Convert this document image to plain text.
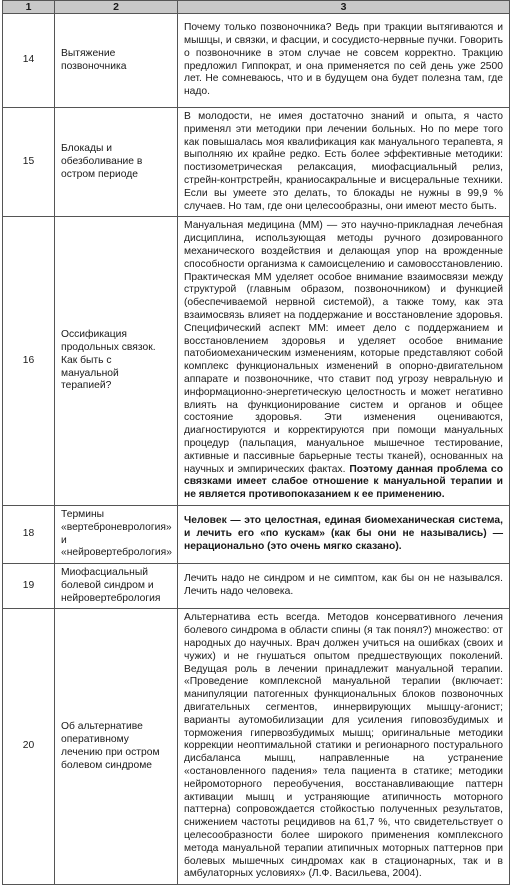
1	2	3
14	Вытяжение позвоночника	Почему только позвоночника? Ведь при тракции вытягиваются и мышцы, и связки, и фасции, и сосудисто-нервные пучки. Говорить о позвоночнике в этом случае не совсем корректно. Тракцию предложил Гиппократ, и она применяется по сей день уже 2500 лет. Не сомневаюсь, что и в будущем она будет полезна там, где надо.
15	Блокады и обезболивание в остром периоде	В молодости, не имея достаточно знаний и опыта, я часто применял эти методики при лечении больных. Но по мере того как повышалась моя квалификация как мануального терапевта, я выполняю их крайне редко. Есть более эффективные методики: постизометрическая релаксация, миофасциальный релиз, стрейн-контрстрейн, краниосакральные и висцеральные техники. Если вы умеете это делать, то блокады не нужны в 99,9 % случаев. Но там, где они целесообразны, они имеют место быть.
16	Оссификация продольных связок. Как быть с мануальной терапией?	Мануальная медицина (ММ) — это научно-прикладная лечебная дисциплина, использующая методы ручного дозированного механического воздействия и делающая упор на врожденные способности организма к самоисцелению и самовосстановлению. Практическая ММ уделяет особое внимание взаимосвязи между структурой (главным образом, позвоночником) и функцией (обеспечиваемой нервной системой), а также тому, как эта взаимосвязь влияет на поддержание и восстановление здоровья. Специфический аспект ММ: имеет дело с поддержанием и восстановлением здоровья и уделяет особое внимание патобиомеханическим изменениям, которые представляют собой комплекс функциональных изменений в опорно-двигательном аппарате и позвоночнике, что ставит под угрозу невральную и информационно-энергетическую целостность и может негативно влиять на функционирование систем и органов и общее состояние здоровья. Эти изменения оцениваются, диагностируются и корректируются при помощи мануальных процедур (пальпация, мануальное мышечное тестирование, активные и пассивные барьерные тесты тканей), основанных на научных и эмпирических фактах. Поэтому данная проблема со связками имеет слабое отношение к мануальной терапии и не является противопоказанием к ее применению.
18	Термины «вертеброневрология» и «нейровертебрология»	Человек — это целостная, единая биомеханическая система, и лечить его «по кускам» (как бы они не назывались) — нерационально (это очень мягко сказано).
19	Миофасциальный болевой синдром и нейровертебрология	Лечить надо не синдром и не симптом, как бы он не назывался. Лечить надо человека.
20	Об альтернативе оперативному лечению при остром болевом синдроме	Альтернатива есть всегда. Методов консервативного лечения болевого синдрома в области спины (я так понял?) множество: от народных до научных. Врач должен учиться на ошибках (своих и чужих) и не гнушаться опытом предшествующих поколений. Ведущая роль в лечении принадлежит мануальной терапии. «Проведение комплексной мануальной терапии (включает: манипуляции патогенных функциональных блоков позвоночных двигательных сегментов, иннервирующих мышцу-агонист; варианты аутомобилизации для усиления гиповозбудимых и торможения гипервозбудимых мышц; оригинальные методики коррекции неоптимальной статики и регионарного постурального дисбаланса мышц, направленные на устранение «остановленного падения» тела пациента в статике; методики нейромоторного переобучения, восстанавливающие паттерн активации мышц и устраняющие атипичность моторного паттерна) сопровождается стойкостью полученных результатов, снижением частоты рецидивов на 61,7 %, что свидетельствует о целесообразности более широкого применения комплексного метода мануальной терапии атипичных моторных паттернов при болевых мышечных синдромах как в стационарных, так и в амбулаторных условиях» (Л.Ф. Васильева, 2004).
